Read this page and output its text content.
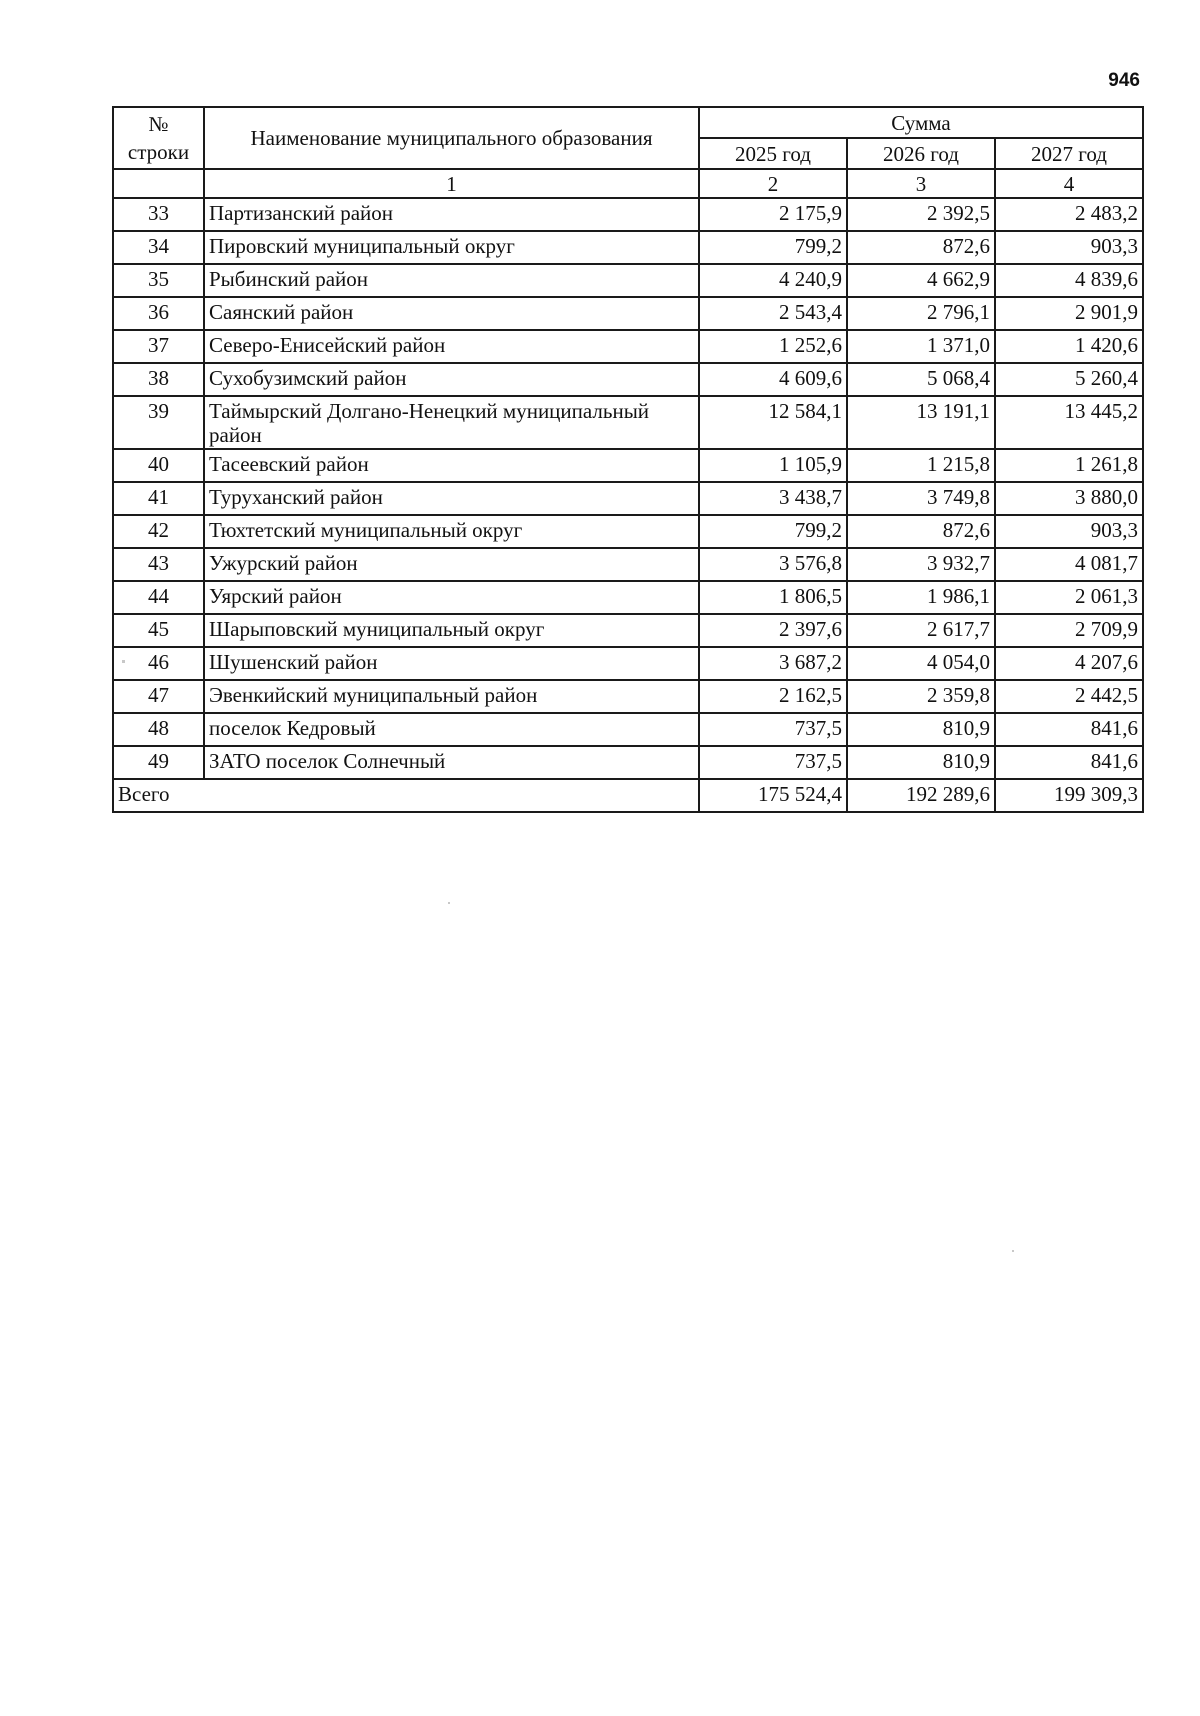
946
№
строки	Наименование муниципального образования	Сумма		
		2025 год	2026 год	2027 год
	1	2	3	4
33	Партизанский район	2 175,9	2 392,5	2 483,2
34	Пировский муниципальный округ	799,2	872,6	903,3
35	Рыбинский район	4 240,9	4 662,9	4 839,6
36	Саянский район	2 543,4	2 796,1	2 901,9
37	Северо-Енисейский район	1 252,6	1 371,0	1 420,6
38	Сухобузимский район	4 609,6	5 068,4	5 260,4
39	Таймырский Долгано-Ненецкий муниципальный район	12 584,1	13 191,1	13 445,2
40	Тасеевский район	1 105,9	1 215,8	1 261,8
41	Туруханский район	3 438,7	3 749,8	3 880,0
42	Тюхтетский муниципальный округ	799,2	872,6	903,3
43	Ужурский район	3 576,8	3 932,7	4 081,7
44	Уярский район	1 806,5	1 986,1	2 061,3
45	Шарыповский муниципальный округ	2 397,6	2 617,7	2 709,9
46	Шушенский район	3 687,2	4 054,0	4 207,6
47	Эвенкийский муниципальный район	2 162,5	2 359,8	2 442,5
48	поселок Кедровый	737,5	810,9	841,6
49	ЗАТО поселок Солнечный	737,5	810,9	841,6
Всего		175 524,4	192 289,6	199 309,3
